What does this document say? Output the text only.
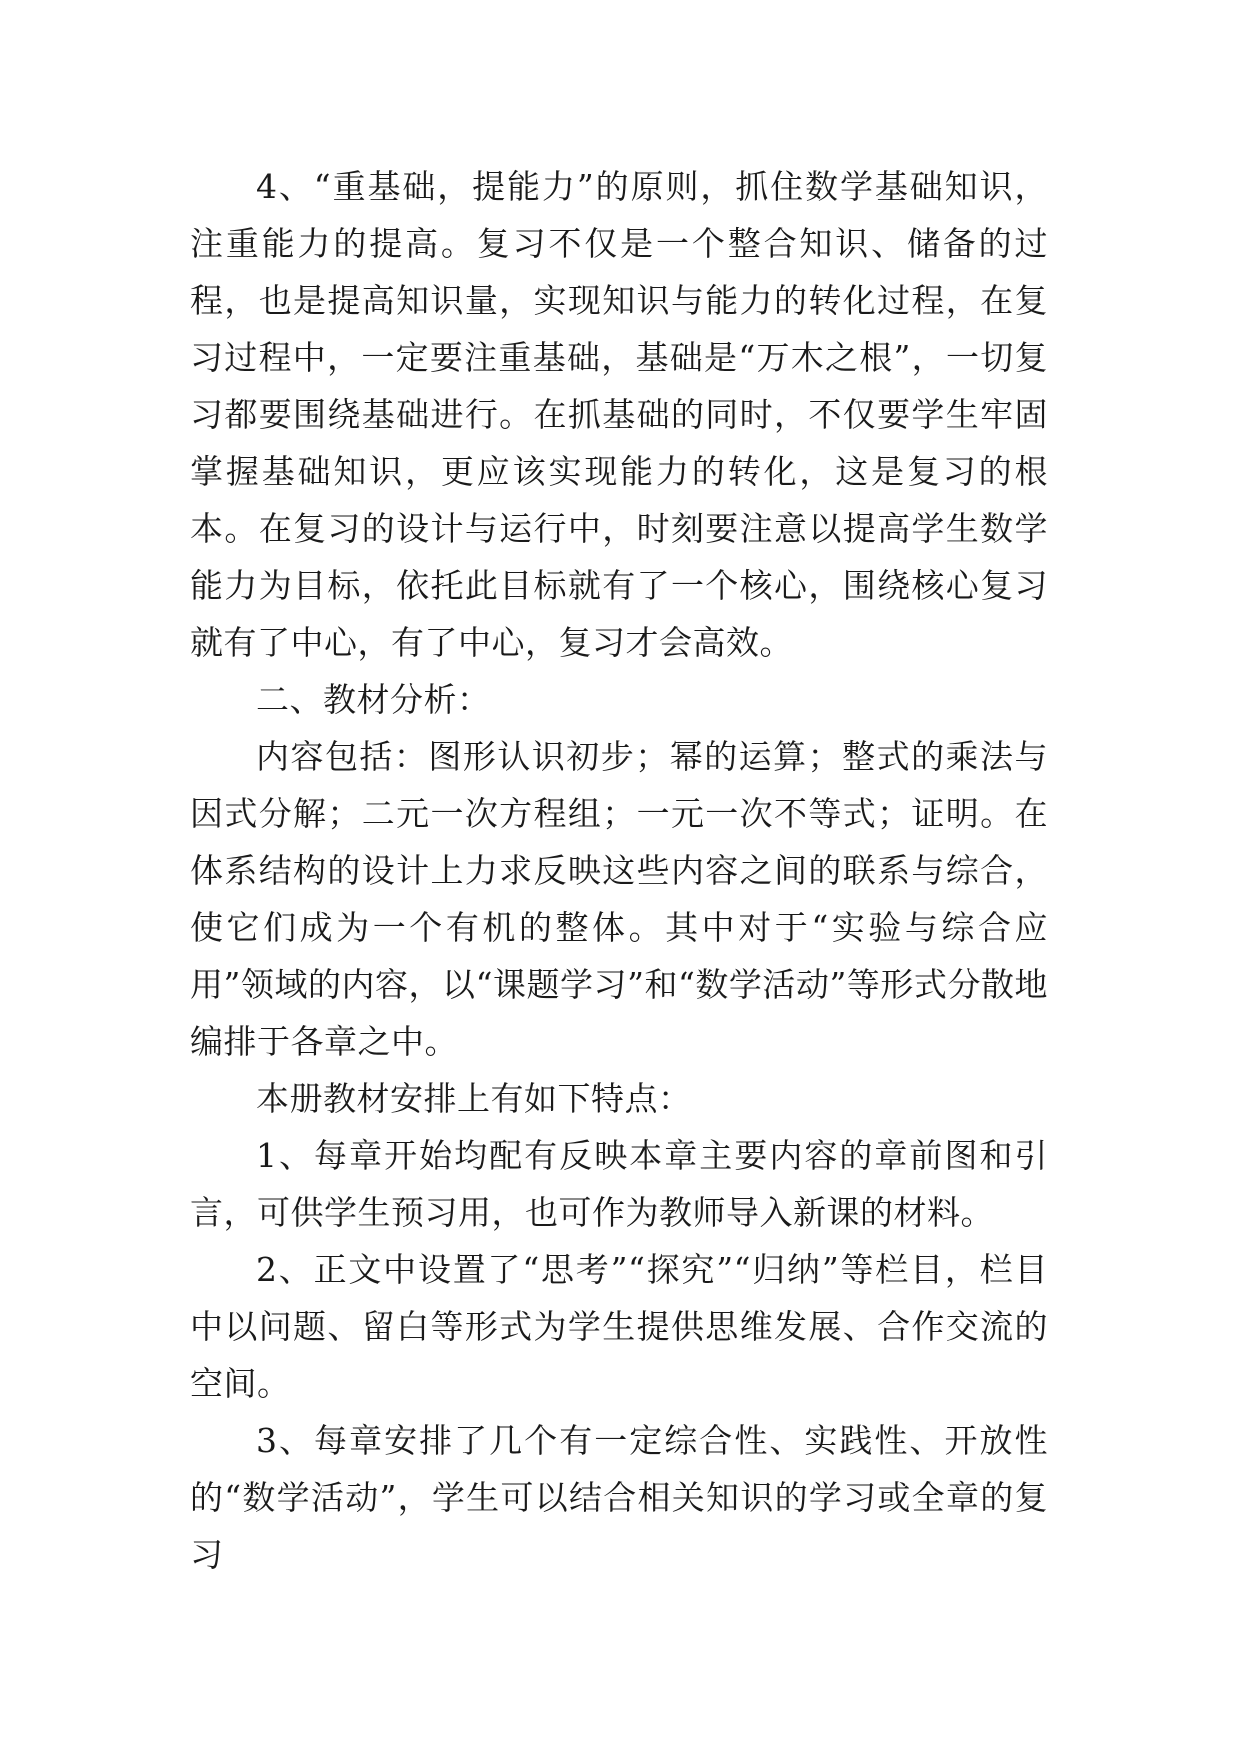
4、“重基础，提能力”的原则，抓住数学基础知识，注重能力的提高。复习不仅是一个整合知识、储备的过程，也是提高知识量，实现知识与能力的转化过程，在复习过程中，一定要注重基础，基础是“万木之根”，一切复习都要围绕基础进行。在抓基础的同时，不仅要学生牢固掌握基础知识，更应该实现能力的转化，这是复习的根本。在复习的设计与运行中，时刻要注意以提高学生数学能力为目标，依托此目标就有了一个核心，围绕核心复习就有了中心，有了中心，复习才会高效。

二、教材分析：

内容包括：图形认识初步；幂的运算；整式的乘法与因式分解；二元一次方程组；一元一次不等式；证明。在体系结构的设计上力求反映这些内容之间的联系与综合，使它们成为一个有机的整体。其中对于“实验与综合应用”领域的内容，以“课题学习”和“数学活动”等形式分散地编排于各章之中。

本册教材安排上有如下特点：

1、每章开始均配有反映本章主要内容的章前图和引言，可供学生预习用，也可作为教师导入新课的材料。

2、正文中设置了“思考”“探究”“归纳”等栏目，栏目中以问题、留白等形式为学生提供思维发展、合作交流的空间。

3、每章安排了几个有一定综合性、实践性、开放性的“数学活动”，学生可以结合相关知识的学习或全章的复习
